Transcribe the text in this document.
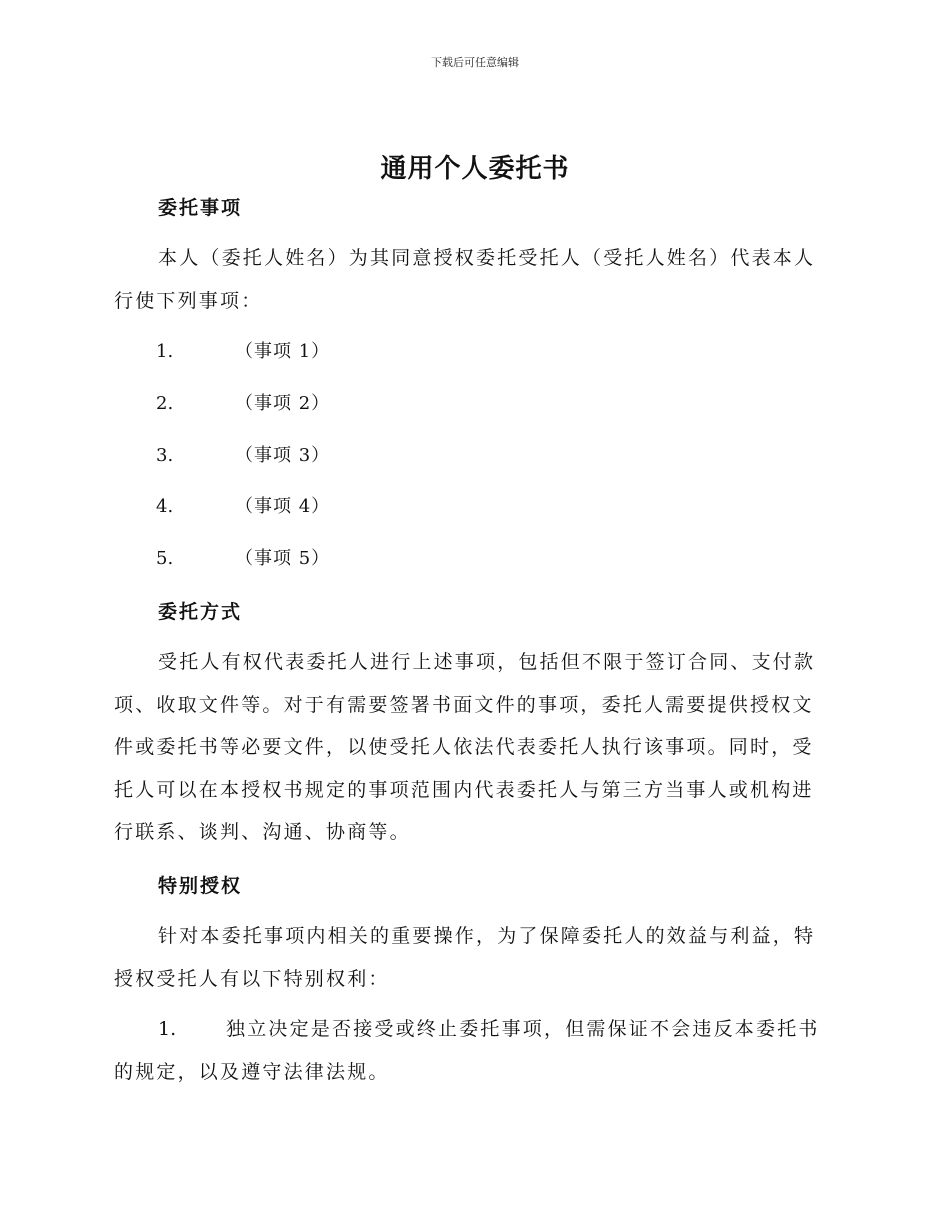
下载后可任意编辑
通用个人委托书
委托事项

本人（委托人姓名）为其同意授权委托受托人（受托人姓名）代表本人行使下列事项：

1.	（事项 1）
2.	（事项 2）
3.	（事项 3）
4.	（事项 4）
5.	（事项 5）
委托方式

受托人有权代表委托人进行上述事项，包括但不限于签订合同、支付款项、收取文件等。对于有需要签署书面文件的事项，委托人需要提供授权文件或委托书等必要文件，以使受托人依法代表委托人执行该事项。同时，受托人可以在本授权书规定的事项范围内代表委托人与第三方当事人或机构进行联系、谈判、沟通、协商等。

特别授权

针对本委托事项内相关的重要操作，为了保障委托人的效益与利益，特授权受托人有以下特别权利：

1.	独立决定是否接受或终止委托事项，但需保证不会违反本委托书的规定，以及遵守法律法规。
